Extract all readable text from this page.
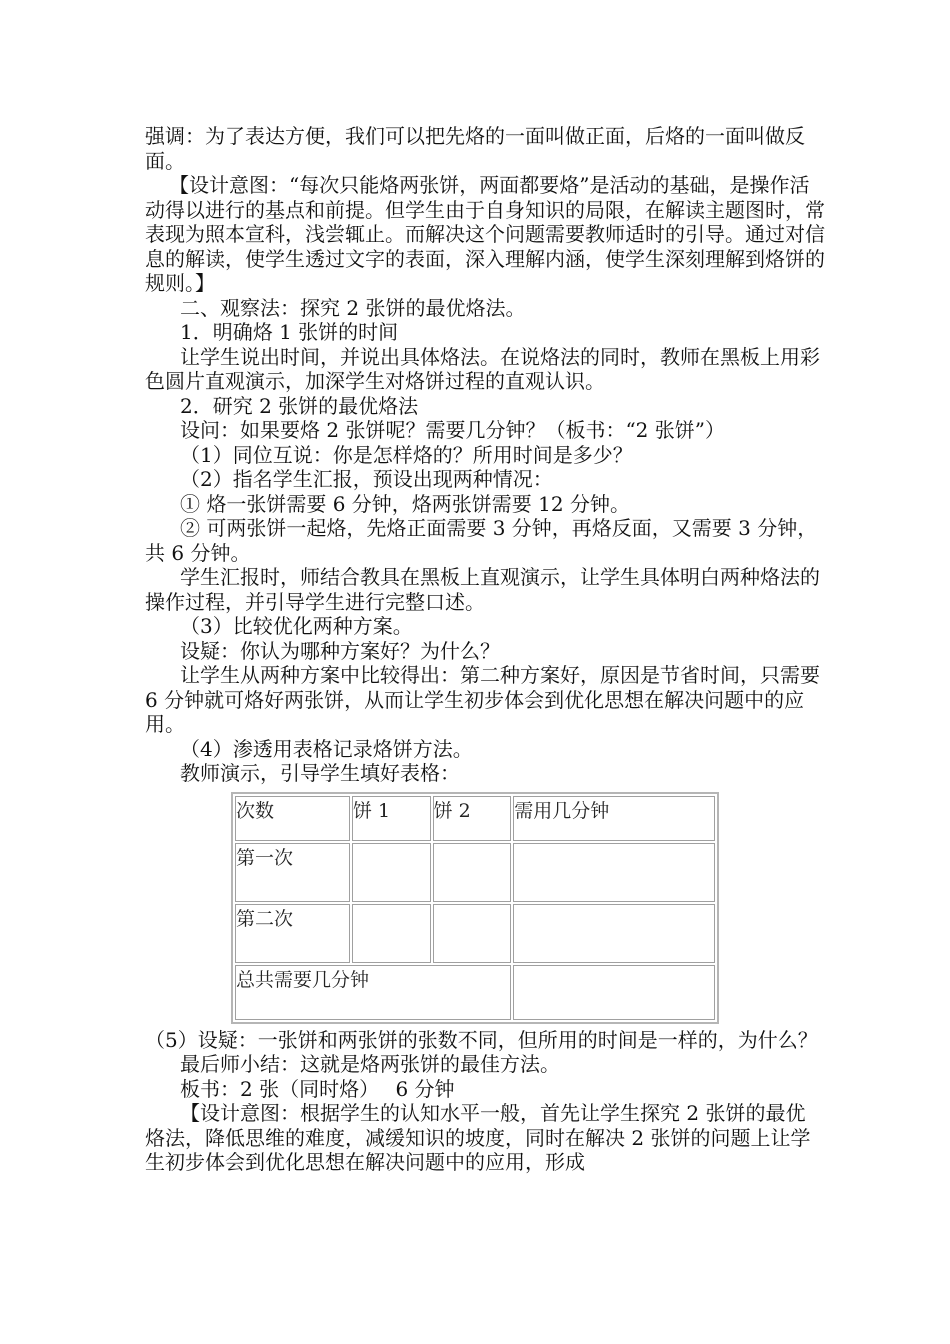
强调：为了表达方便，我们可以把先烙的一面叫做正面，后烙的一面叫做反面。

【设计意图：“每次只能烙两张饼，两面都要烙”是活动的基础，是操作活动得以进行的基点和前提。但学生由于自身知识的局限，在解读主题图时，常表现为照本宣科，浅尝辄止。而解决这个问题需要教师适时的引导。通过对信息的解读，使学生透过文字的表面，深入理解内涵，使学生深刻理解到烙饼的规则。】

二、观察法：探究 2 张饼的最优烙法。

1．明确烙 1 张饼的时间

让学生说出时间，并说出具体烙法。在说烙法的同时，教师在黑板上用彩色圆片直观演示，加深学生对烙饼过程的直观认识。

2．研究 2 张饼的最优烙法

设问：如果要烙 2 张饼呢？需要几分钟？（板书：“2 张饼”）

（1）同位互说：你是怎样烙的？所用时间是多少？

（2）指名学生汇报，预设出现两种情况：

① 烙一张饼需要 6 分钟，烙两张饼需要 12 分钟。

② 可两张饼一起烙，先烙正面需要 3 分钟，再烙反面，又需要 3 分钟，共 6 分钟。

学生汇报时，师结合教具在黑板上直观演示，让学生具体明白两种烙法的操作过程，并引导学生进行完整口述。

（3）比较优化两种方案。

设疑：你认为哪种方案好？为什么？

让学生从两种方案中比较得出：第二种方案好，原因是节省时间，只需要 6 分钟就可烙好两张饼，从而让学生初步体会到优化思想在解决问题中的应用。

（4）渗透用表格记录烙饼方法。

教师演示，引导学生填好表格：

次数	饼 1	饼 2	需用几分钟
第一次			
第二次			
总共需要几分钟			

（5）设疑：一张饼和两张饼的张数不同，但所用的时间是一样的，为什么？

最后师小结：这就是烙两张饼的最佳方法。

板书：2 张（同时烙）　 6 分钟

【设计意图：根据学生的认知水平一般，首先让学生探究 2 张饼的最优烙法，降低思维的难度，减缓知识的坡度，同时在解决 2 张饼的问题上让学生初步体会到优化思想在解决问题中的应用，形成
